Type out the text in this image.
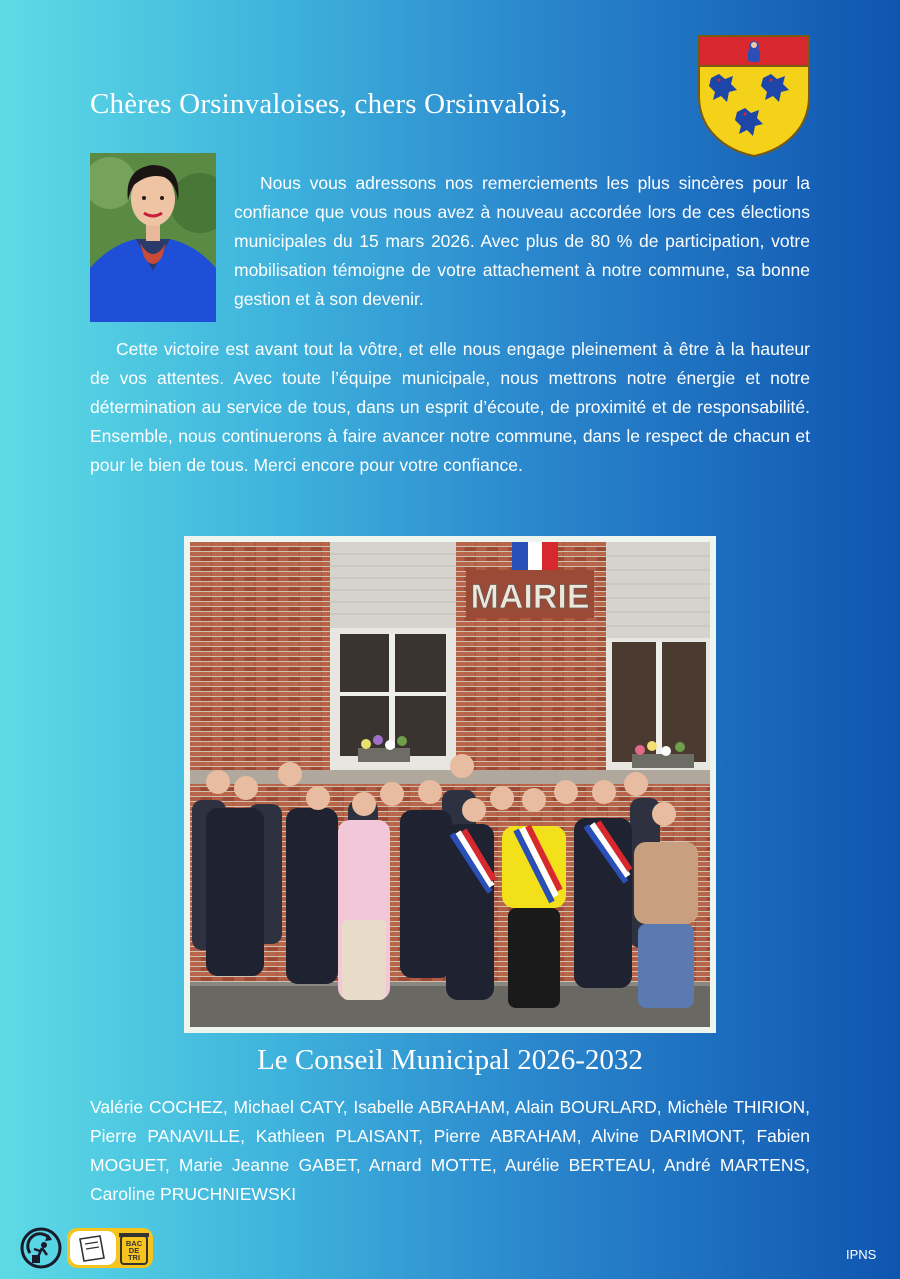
Chères Orsinvaloises, chers Orsinvalois,

Nous vous adressons nos remerciements les plus sincères pour la confiance que vous nous avez à nouveau accordée lors de ces élections municipales du 15 mars 2026. Avec plus de 80 % de participation, votre mobilisation témoigne de votre attachement à notre commune, sa bonne gestion et à son devenir.

Cette victoire est avant tout la vôtre, et elle nous engage pleinement à être à la hauteur de vos attentes. Avec toute l’équipe municipale, nous mettrons notre énergie et notre détermination au service de tous, dans un esprit d’écoute, de proximité et de responsabilité. Ensemble, nous continuerons à faire avancer notre commune, dans le respect de chacun et pour le bien de tous. Merci encore pour votre confiance.

MAIRIE
Le Conseil Municipal 2026-2032

Valérie COCHEZ, Michael CATY, Isabelle ABRAHAM, Alain BOURLARD, Michèle THIRION, Pierre PANAVILLE, Kathleen PLAISANT, Pierre ABRAHAM, Alvine DARIMONT, Fabien MOGUET, Marie Jeanne GABET, Arnard MOTTE, Aurélie BERTEAU, André MARTENS, Caroline PRUCHNIEWSKI

BAC DE TRI	IPNS
